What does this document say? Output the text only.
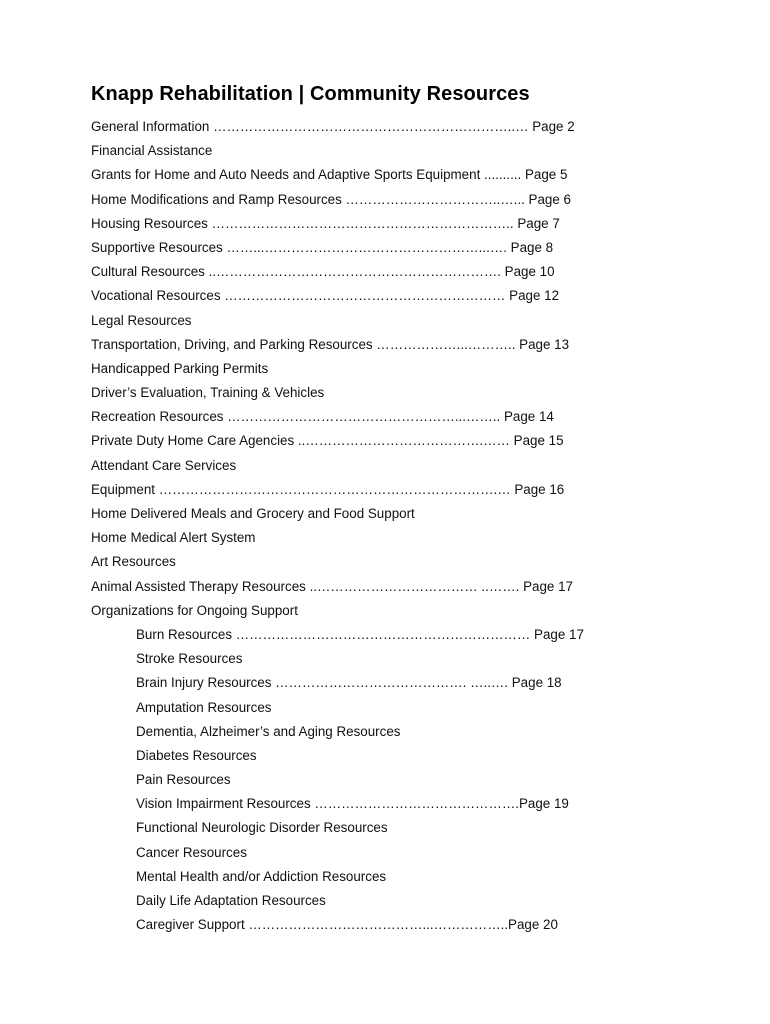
Knapp Rehabilitation | Community Resources
General Information …………………………………………………………..… Page 2
Financial Assistance
Grants for Home and Auto Needs and Adaptive Sports Equipment .......... Page 5
Home Modifications and Ramp Resources ……………………………..…... Page 6
Housing Resources ………………………………………………………….. Page 7
Supportive Resources ……...…………………………………………...…. Page 8
Cultural Resources ..………………………………………………………. Page 10
Vocational Resources ……………………………………………………… Page 12
Legal Resources
Transportation, Driving, and Parking Resources ………………...……….. Page 13
Handicapped Parking Permits
Driver’s Evaluation, Training & Vehicles
Recreation Resources ……………………………………………...…….. Page 14
Private Duty Home Care Agencies ..………………………………….…… Page 15
Attendant Care Services
Equipment ………………………………………………………………….… Page 16
Home Delivered Meals and Grocery and Food Support
Home Medical Alert System
Art Resources
Animal Assisted Therapy Resources ..……………………………… ..……. Page 17
Organizations for Ongoing Support
Burn Resources ………………………………………………………… Page 17
Stroke Resources
Brain Injury Resources ……………………………………. …..…. Page 18
Amputation Resources
Dementia, Alzheimer’s and Aging Resources
Diabetes Resources
Pain Resources
Vision Impairment Resources ……………………………………….Page 19
Functional Neurologic Disorder Resources
Cancer Resources
Mental Health and/or Addiction Resources
Daily Life Adaptation Resources
Caregiver Support …………………………………...……………..Page 20
